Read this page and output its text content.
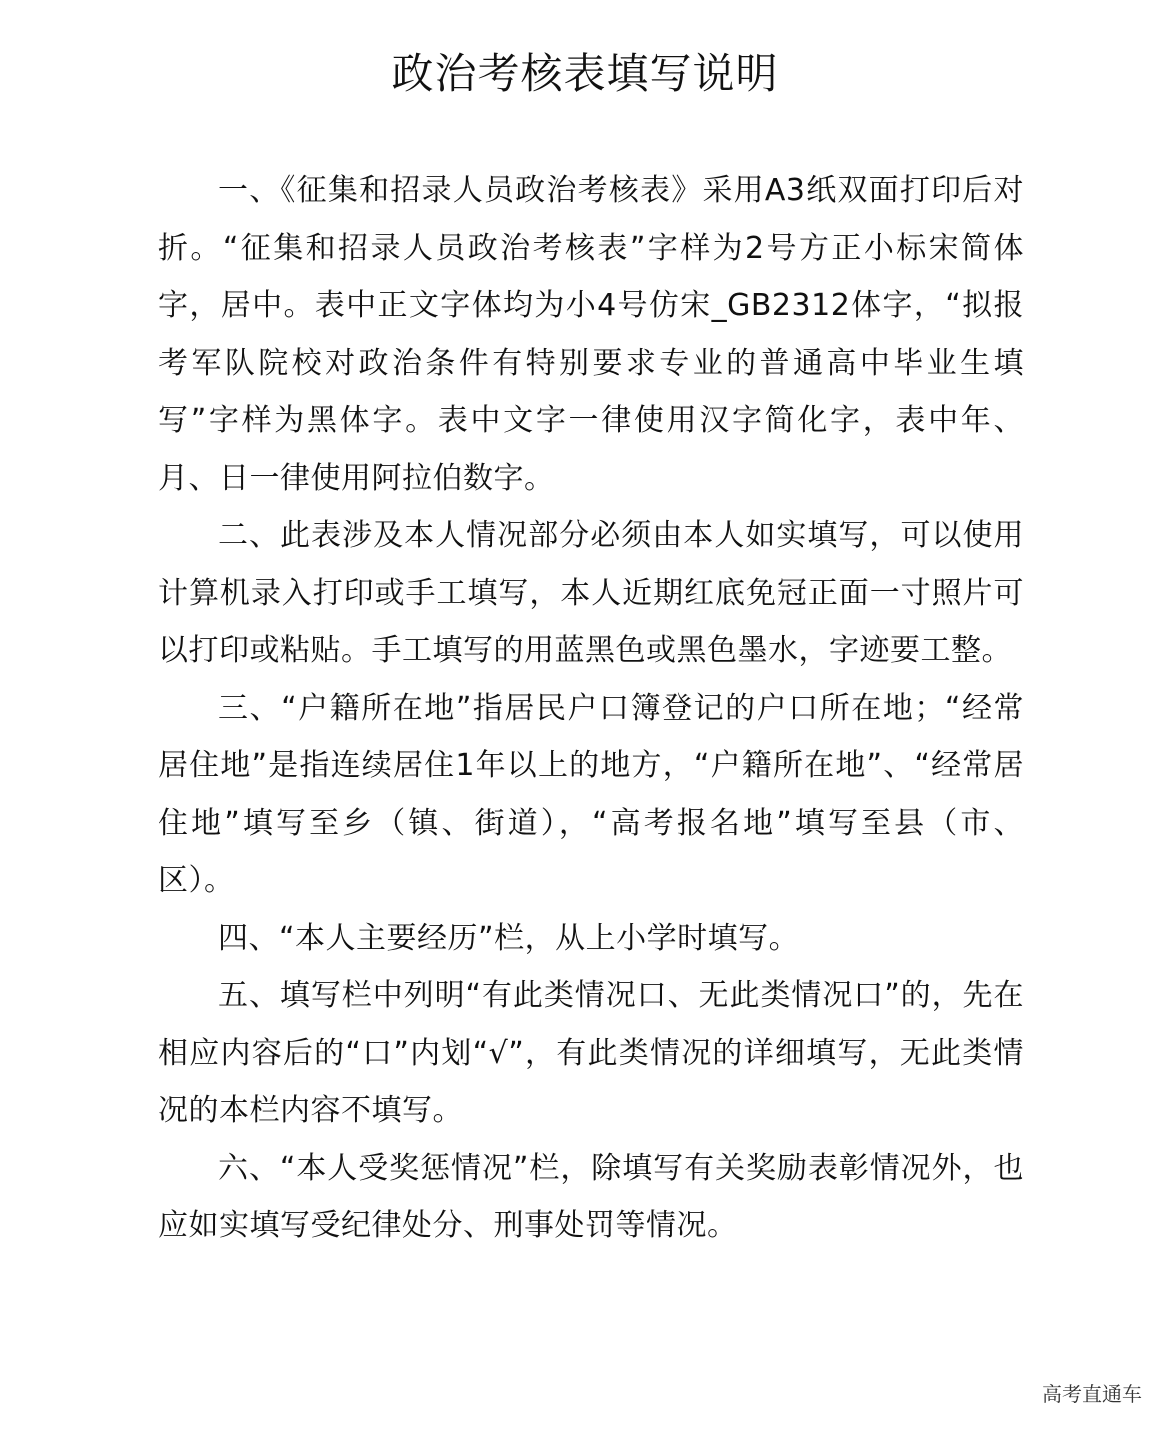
政治考核表填写说明

一、《征集和招录人员政治考核表》采用A3纸双面打印后对折。“征集和招录人员政治考核表”字样为2号方正小标宋简体字，居中。表中正文字体均为小4号仿宋_GB2312体字，“拟报考军队院校对政治条件有特别要求专业的普通高中毕业生填写”字样为黑体字。表中文字一律使用汉字简化字，表中年、月、日一律使用阿拉伯数字。

二、此表涉及本人情况部分必须由本人如实填写，可以使用计算机录入打印或手工填写，本人近期红底免冠正面一寸照片可以打印或粘贴。手工填写的用蓝黑色或黑色墨水，字迹要工整。

三、“户籍所在地”指居民户口簿登记的户口所在地；“经常居住地”是指连续居住1年以上的地方，“户籍所在地”、“经常居住地”填写至乡（镇、街道），“高考报名地”填写至县（市、区）。

四、“本人主要经历”栏，从上小学时填写。

五、填写栏中列明“有此类情况口、无此类情况口”的，先在相应内容后的“口”内划“√”，有此类情况的详细填写，无此类情况的本栏内容不填写。

六、“本人受奖惩情况”栏，除填写有关奖励表彰情况外，也应如实填写受纪律处分、刑事处罚等情况。

高考直通车
